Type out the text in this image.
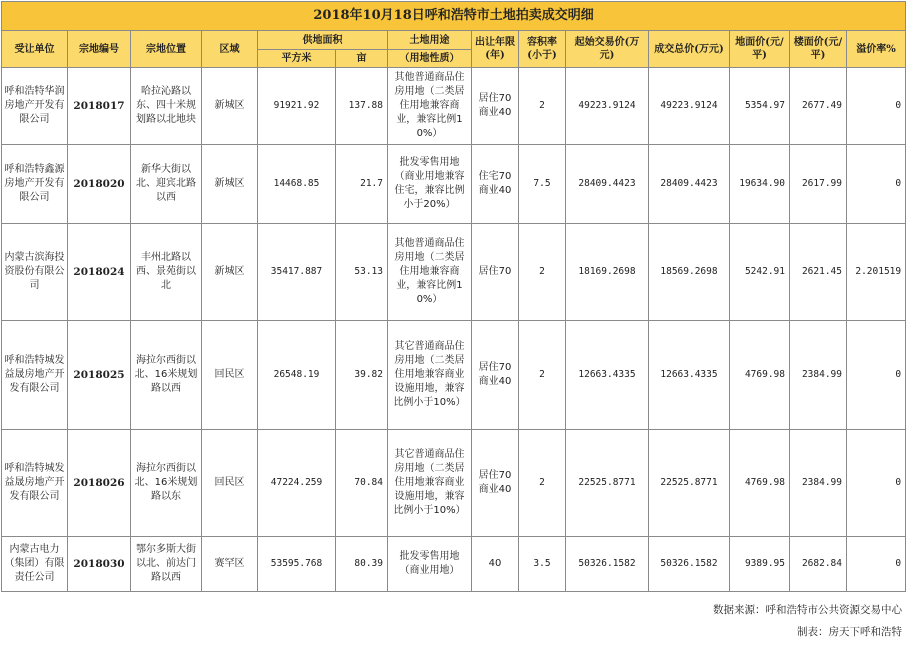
2018年10月18日呼和浩特市土地拍卖成交明细													
受让单位	宗地编号	宗地位置	区域	供地面积		土地用途	出让年限(年)	容积率(小于)	起始交易价(万元)	成交总价(万元)	地面价(元/平)	楼面价(元/平)	溢价率%
				平方米	亩	（用地性质）							
呼和浩特华润房地产开发有限公司	2018017	哈拉沁路以东、四十米规划路以北地块	新城区	91921.92	137.88	其他普通商品住房用地（二类居住用地兼容商业，兼容比例10%）	居住70商业40	2	49223.9124	49223.9124	5354.97	2677.49	0
呼和浩特鑫源房地产开发有限公司	2018020	新华大街以北、迎宾北路以西	新城区	14468.85	21.7	批发零售用地（商业用地兼容住宅，兼容比例小于20%）	住宅70商业40	7.5	28409.4423	28409.4423	19634.90	2617.99	0
内蒙古滨海投资股份有限公司	2018024	丰州北路以西、景苑街以北	新城区	35417.887	53.13	其他普通商品住房用地（二类居住用地兼容商业，兼容比例10%）	居住70	2	18169.2698	18569.2698	5242.91	2621.45	2.201519
呼和浩特城发益晟房地产开发有限公司	2018025	海拉尔西街以北、16米规划路以西	回民区	26548.19	39.82	其它普通商品住房用地（二类居住用地兼容商业设施用地，兼容比例小于10%）	居住70商业40	2	12663.4335	12663.4335	4769.98	2384.99	0
呼和浩特城发益晟房地产开发有限公司	2018026	海拉尔西街以北、16米规划路以东	回民区	47224.259	70.84	其它普通商品住房用地（二类居住用地兼容商业设施用地，兼容比例小于10%）	居住70商业40	2	22525.8771	22525.8771	4769.98	2384.99	0
内蒙古电力（集团）有限责任公司	2018030	鄂尔多斯大街以北、前达门路以西	赛罕区	53595.768	80.39	批发零售用地（商业用地）	40	3.5	50326.1582	50326.1582	9389.95	2682.84	0
数据来源：呼和浩特市公共资源交易中心
制表：房天下呼和浩特
